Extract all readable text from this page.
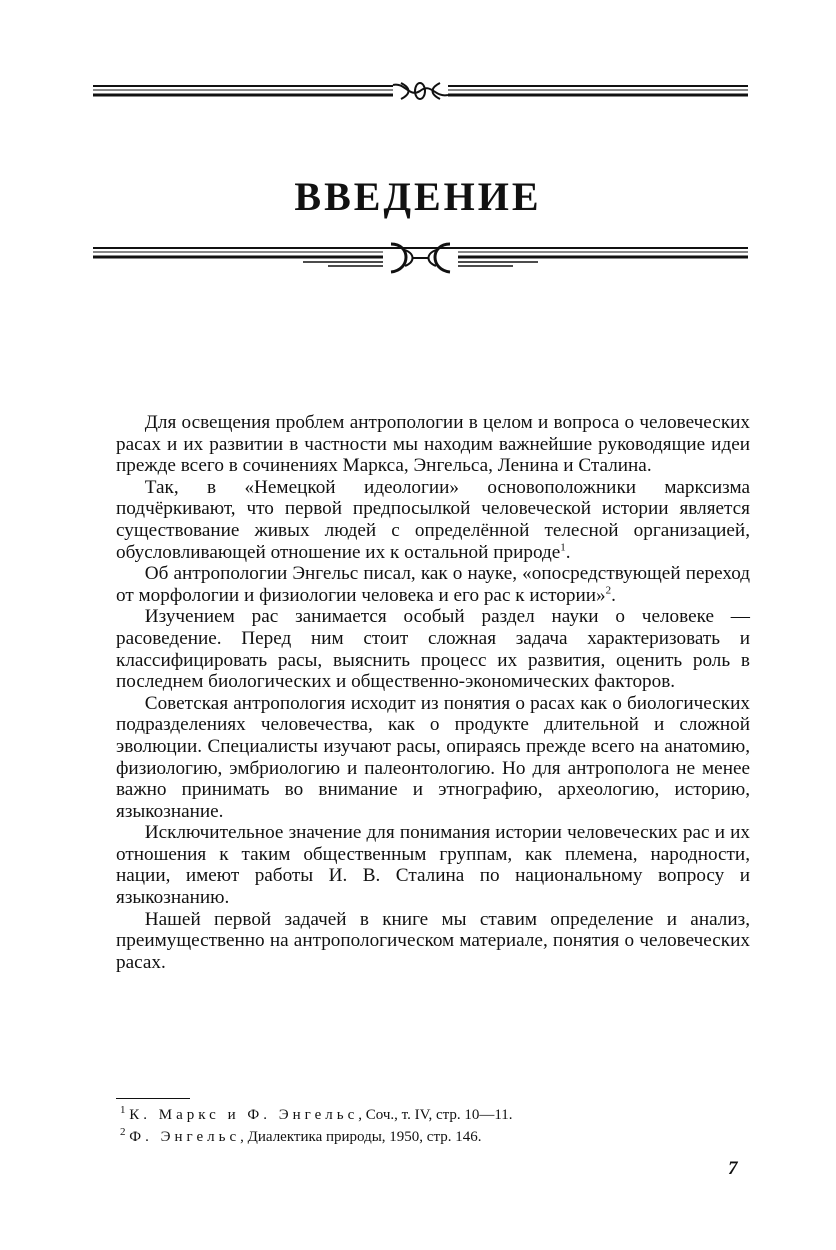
ВВЕДЕНИЕ

  Для освещения проблем антропологии в целом и вопроса о человеческих расах и их развитии в частности мы находим важнейшие руководящие идеи прежде всего в сочинениях Маркса, Энгельса, Ленина и Сталина.

  Так, в «Немецкой идеологии» основоположники марксизма подчёркивают, что первой предпосылкой человеческой истории является существование живых людей с определённой телесной организацией, обусловливающей отношение их к остальной природе$^1$.

  Об антропологии Энгельс писал, как о науке, «опосредствующей переход от морфологии и физиологии человека и его рас к истории»$^2$.

  Изучением рас занимается особый раздел науки о человеке — расоведение. Перед ним стоит сложная задача характеризовать и классифицировать расы, выяснить процесс их развития, оценить роль в последнем биологических и общественно-экономических факторов.

  Советская антропология исходит из понятия о расах как о биологических подразделениях человечества, как о продукте длительной и сложной эволюции. Специалисты изучают расы, опираясь прежде всего на анатомию, физиологию, эмбриологию и палеонтологию. Но для антрополога не менее важно принимать во внимание и этнографию, археологию, историю, языкознание.

  Исключительное значение для понимания истории человеческих рас и их отношения к таким общественным группам, как племена, народности, нации, имеют работы И. В. Сталина по национальному вопросу и языкознанию.

  Нашей первой задачей в книге мы ставим определение и анализ, преимущественно на антропологическом материале, понятия о человеческих расах.

$^1$ К. Маркс и Ф. Энгельс, Соч., т. IV, стр. 10—11.
$^2$ Ф. Энгельс, Диалектика природы, 1950, стр. 146.
7
